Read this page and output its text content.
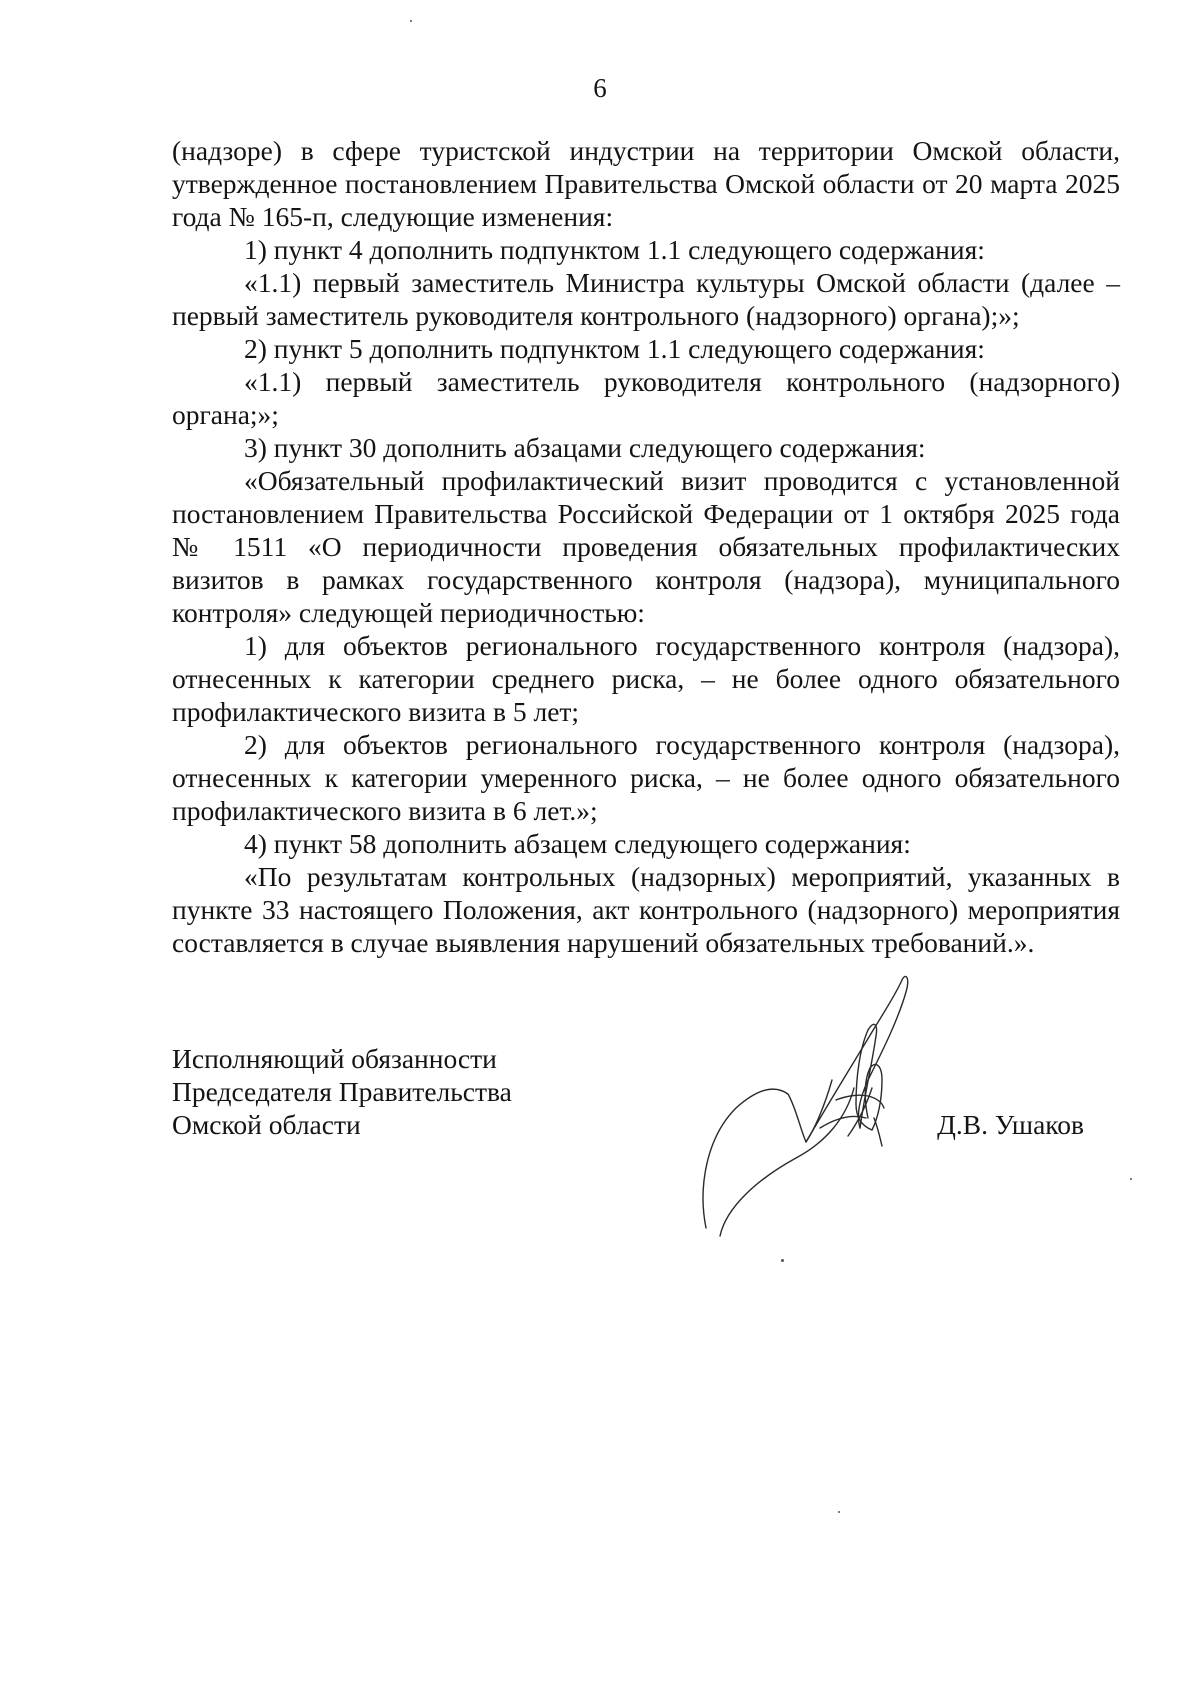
6

(надзоре) в сфере туристской индустрии на территории Омской области, утвержденное постановлением Правительства Омской области от 20 марта 2025 года № 165-п, следующие изменения:

1) пункт 4 дополнить подпунктом 1.1 следующего содержания:

«1.1) первый заместитель Министра культуры Омской области (далее – первый заместитель руководителя контрольного (надзорного) органа);»;

2) пункт 5 дополнить подпунктом 1.1 следующего содержания:

«1.1) первый заместитель руководителя контрольного (надзорного) органа;»;

3) пункт 30 дополнить абзацами следующего содержания:

«Обязательный профилактический визит проводится с установленной постановлением Правительства Российской Федерации от 1 октября 2025 года № 1511 «О периодичности проведения обязательных профилактических визитов в рамках государственного контроля (надзора), муниципального контроля» следующей периодичностью:

1) для объектов регионального государственного контроля (надзора), отнесенных к категории среднего риска, – не более одного обязательного профилактического визита в 5 лет;

2) для объектов регионального государственного контроля (надзора), отнесенных к категории умеренного риска, – не более одного обязательного профилактического визита в 6 лет.»;

4) пункт 58 дополнить абзацем следующего содержания:

«По результатам контрольных (надзорных) мероприятий, указанных в пункте 33 настоящего Положения, акт контрольного (надзорного) мероприятия составляется в случае выявления нарушений обязательных требований.».

Исполняющий обязанности
Председателя Правительства
Омской области	Д.В. Ушаков
